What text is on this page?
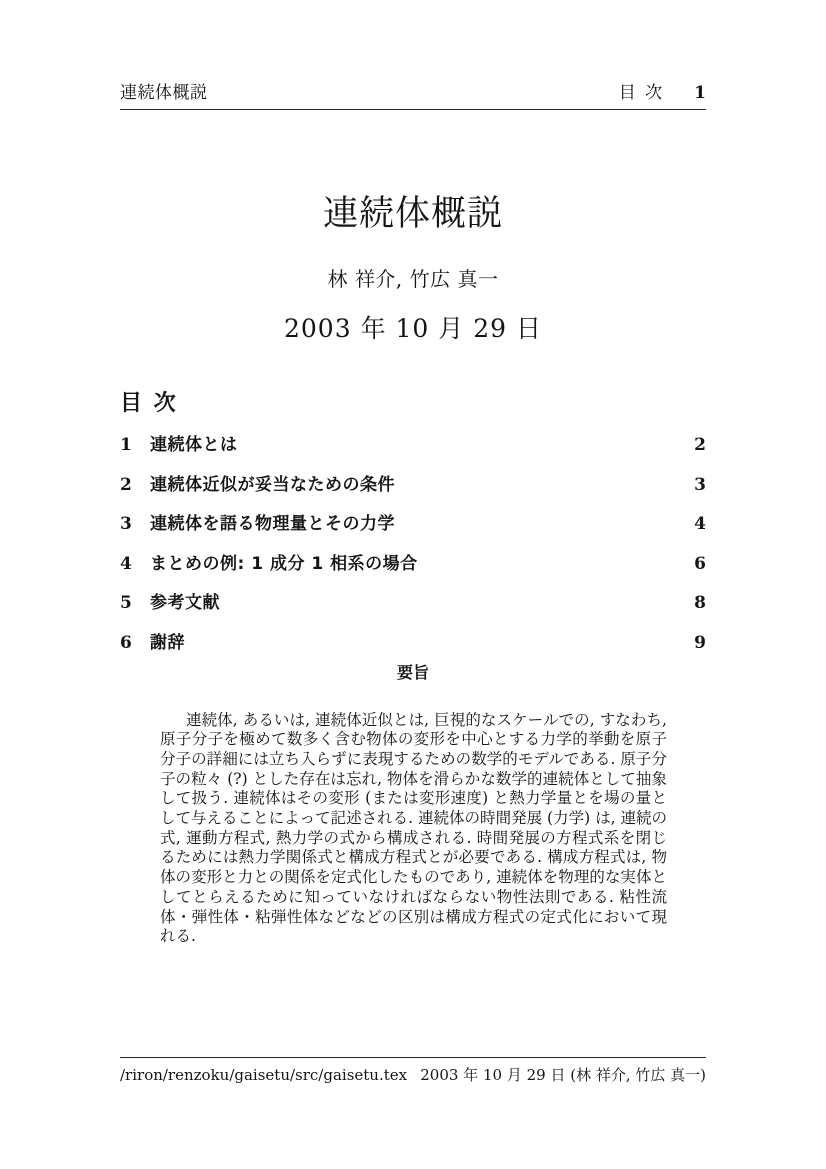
連続体概説	目 次 1
連続体概説
林 祥介, 竹広 真一
2003 年 10 月 29 日
目 次
1	連続体とは	2
2	連続体近似が妥当なための条件	3
3	連続体を語る物理量とその力学	4
4	まとめの例: 1 成分 1 相系の場合	6
5	参考文献	8
6	謝辞	9
要旨

連続体, あるいは, 連続体近似とは, 巨視的なスケールでの, すなわち, 原子分子を極めて数多く含む物体の変形を中心とする力学的挙動を原子分子の詳細には立ち入らずに表現するための数学的モデルである. 原子分子の粒々 (?) とした存在は忘れ, 物体を滑らかな数学的連続体として抽象して扱う. 連続体はその変形 (または変形速度) と熱力学量とを場の量として与えることによって記述される. 連続体の時間発展 (力学) は, 連続の式, 運動方程式, 熱力学の式から構成される. 時間発展の方程式系を閉じるためには熱力学関係式と構成方程式とが必要である. 構成方程式は, 物体の変形と力との関係を定式化したものであり, 連続体を物理的な実体としてとらえるために知っていなければならない物性法則である. 粘性流体・弾性体・粘弾性体などなどの区別は構成方程式の定式化において現れる.

/riron/renzoku/gaisetu/src/gaisetu.tex 2003 年 10 月 29 日 (林 祥介, 竹広 真一)
